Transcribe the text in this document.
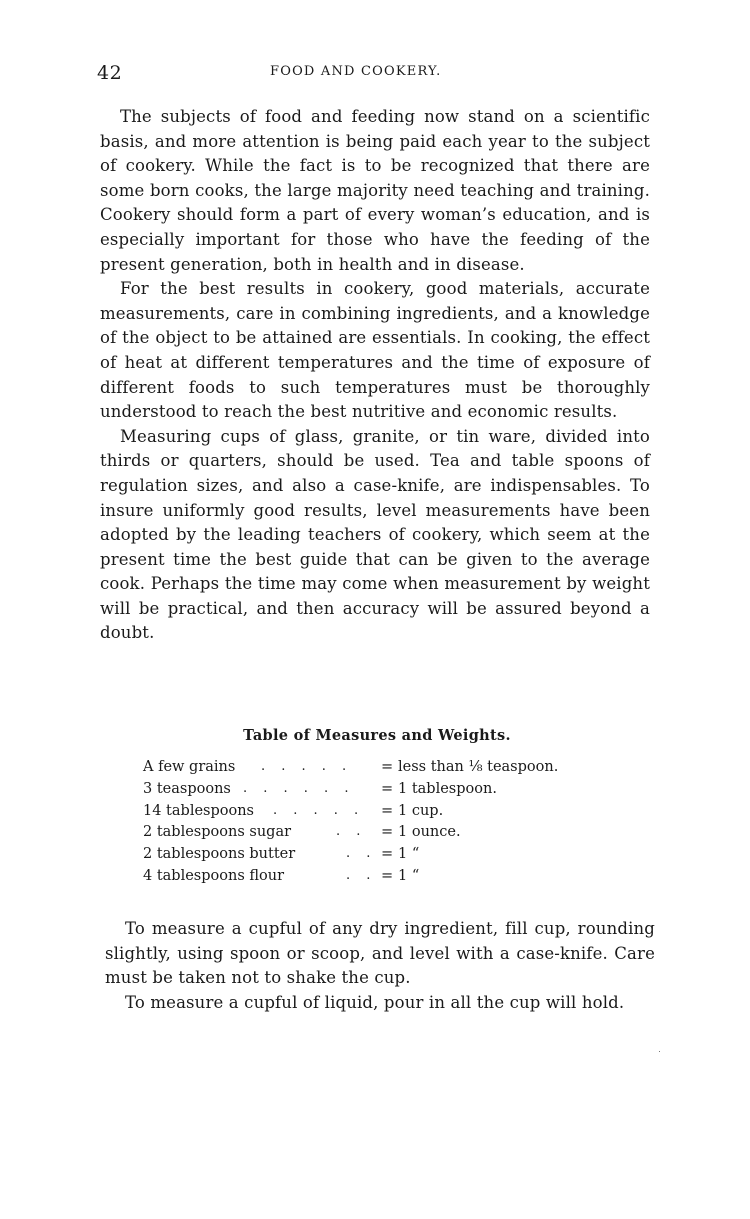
42	FOOD AND COOKERY.

The subjects of food and feeding now stand on a scientific basis, and more attention is being paid each year to the subject of cookery. While the fact is to be recognized that there are some born cooks, the large majority need teaching and training. Cookery should form a part of every woman’s education, and is especially important for those who have the feeding of the present generation, both in health and in disease.

For the best results in cookery, good materials, accurate measurements, care in combining ingredients, and a knowledge of the object to be attained are essentials. In cooking, the effect of heat at different temperatures and the time of exposure of different foods to such temperatures must be thoroughly understood to reach the best nutritive and economic results.

Measuring cups of glass, granite, or tin ware, divided into thirds or quarters, should be used. Tea and table spoons of regulation sizes, and also a case-knife, are indispensables. To insure uniformly good results, level measurements have been adopted by the leading teachers of cookery, which seem at the present time the best guide that can be given to the average cook. Perhaps the time may come when measurement by weight will be practical, and then accuracy will be assured beyond a doubt.

Table of Measures and Weights.
A few grains . . . . . = less than ⅛ teaspoon.
3 teaspoons . . . . . . = 1 tablespoon.
14 tablespoons . . . . . = 1 cup.
2 tablespoons sugar	. . = 1 ounce.
2 tablespoons butter	. . = 1 “
4 tablespoons flour	. . = 1 “

To measure a cupful of any dry ingredient, fill cup, rounding slightly, using spoon or scoop, and level with a case-knife. Care must be taken not to shake the cup.

To measure a cupful of liquid, pour in all the cup will hold.
